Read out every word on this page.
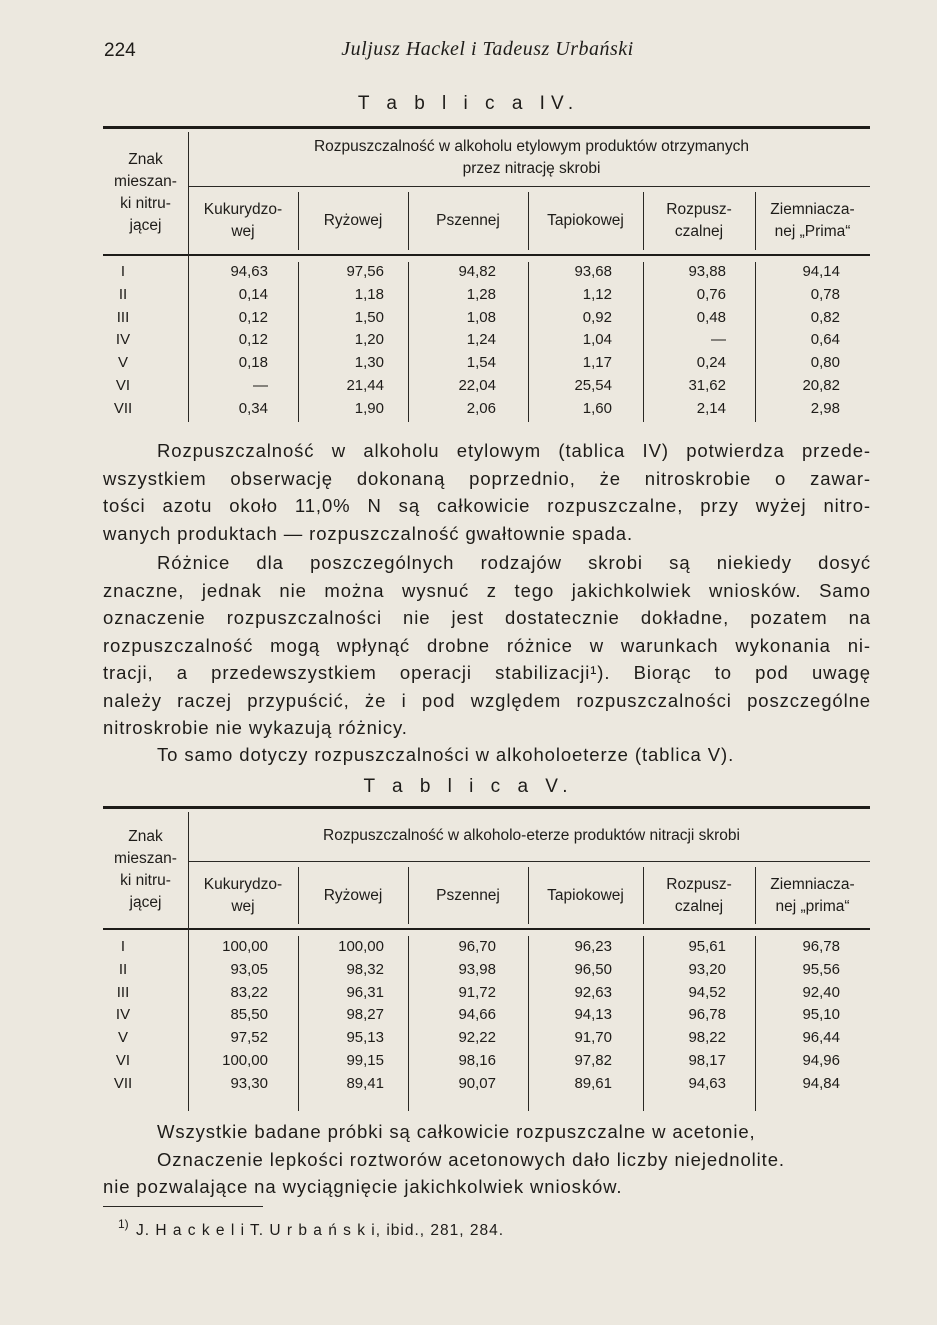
224	Juljusz Hackel i Tadeusz Urbański
T a b l i c a IV.
Znak
mieszan-
ki nitru-
jącej
Rozpuszczalność w alkoholu etylowym produktów otrzymanych
przez nitrację skrobi
Kukurydzo-
wej
Ryżowej	Pszennej	Tapiokowej
Rozpusz-
czalnej
Ziemniacza-
nej „Prima“
I	94,63	97,56	94,82	93,68	93,88	94,14
II	0,14	1,18	1,28	1,12	0,76	0,78
III	0,12	1,50	1,08	0,92	0,48	0,82
IV	0,12	1,20	1,24	1,04	—	0,64
V	0,18	1,30	1,54	1,17	0,24	0,80
VI	—	21,44	22,04	25,54	31,62	20,82
VII	0,34	1,90	2,06	1,60	2,14	2,98
Rozpuszczalność w alkoholu etylowym (tablica IV) potwierdza przede-
wszystkiem obserwację dokonaną poprzednio, że nitroskrobie o zawar-
tości azotu około 11,0% N są całkowicie rozpuszczalne, przy wyżej nitro-
wanych produktach — rozpuszczalność gwałtownie spada.
Różnice dla poszczególnych rodzajów skrobi są niekiedy dosyć
znaczne, jednak nie można wysnuć z tego jakichkolwiek wniosków. Samo
oznaczenie rozpuszczalności nie jest dostatecznie dokładne, pozatem na
rozpuszczalność mogą wpłynąć drobne różnice w warunkach wykonania ni-
tracji, a przedewszystkiem operacji stabilizacji¹). Biorąc to pod uwagę
należy raczej przypuścić, że i pod względem rozpuszczalności poszczególne
nitroskrobie nie wykazują różnicy.
To samo dotyczy rozpuszczalności w alkoholoeterze (tablica V).
T a b l i c a V.
Znak
mieszan-
ki nitru-
jącej
Rozpuszczalność w alkoholo-eterze produktów nitracji skrobi
Kukurydzo-
wej
Ryżowej	Pszennej	Tapiokowej
Rozpusz-
czalnej
Ziemniacza-
nej „prima“
I	100,00	100,00	96,70	96,23	95,61	96,78
II	93,05	98,32	93,98	96,50	93,20	95,56
III	83,22	96,31	91,72	92,63	94,52	92,40
IV	85,50	98,27	94,66	94,13	96,78	95,10
V	97,52	95,13	92,22	91,70	98,22	96,44
VI	100,00	99,15	98,16	97,82	98,17	94,96
VII	93,30	89,41	90,07	89,61	94,63	94,84
Wszystkie badane próbki są całkowicie rozpuszczalne w acetonie,
Oznaczenie lepkości roztworów acetonowych dało liczby niejednolite.
nie pozwalające na wyciągnięcie jakichkolwiek wniosków.
1) J. H a c k e l i T. U r b a ń s k i, ibid., 281, 284.
